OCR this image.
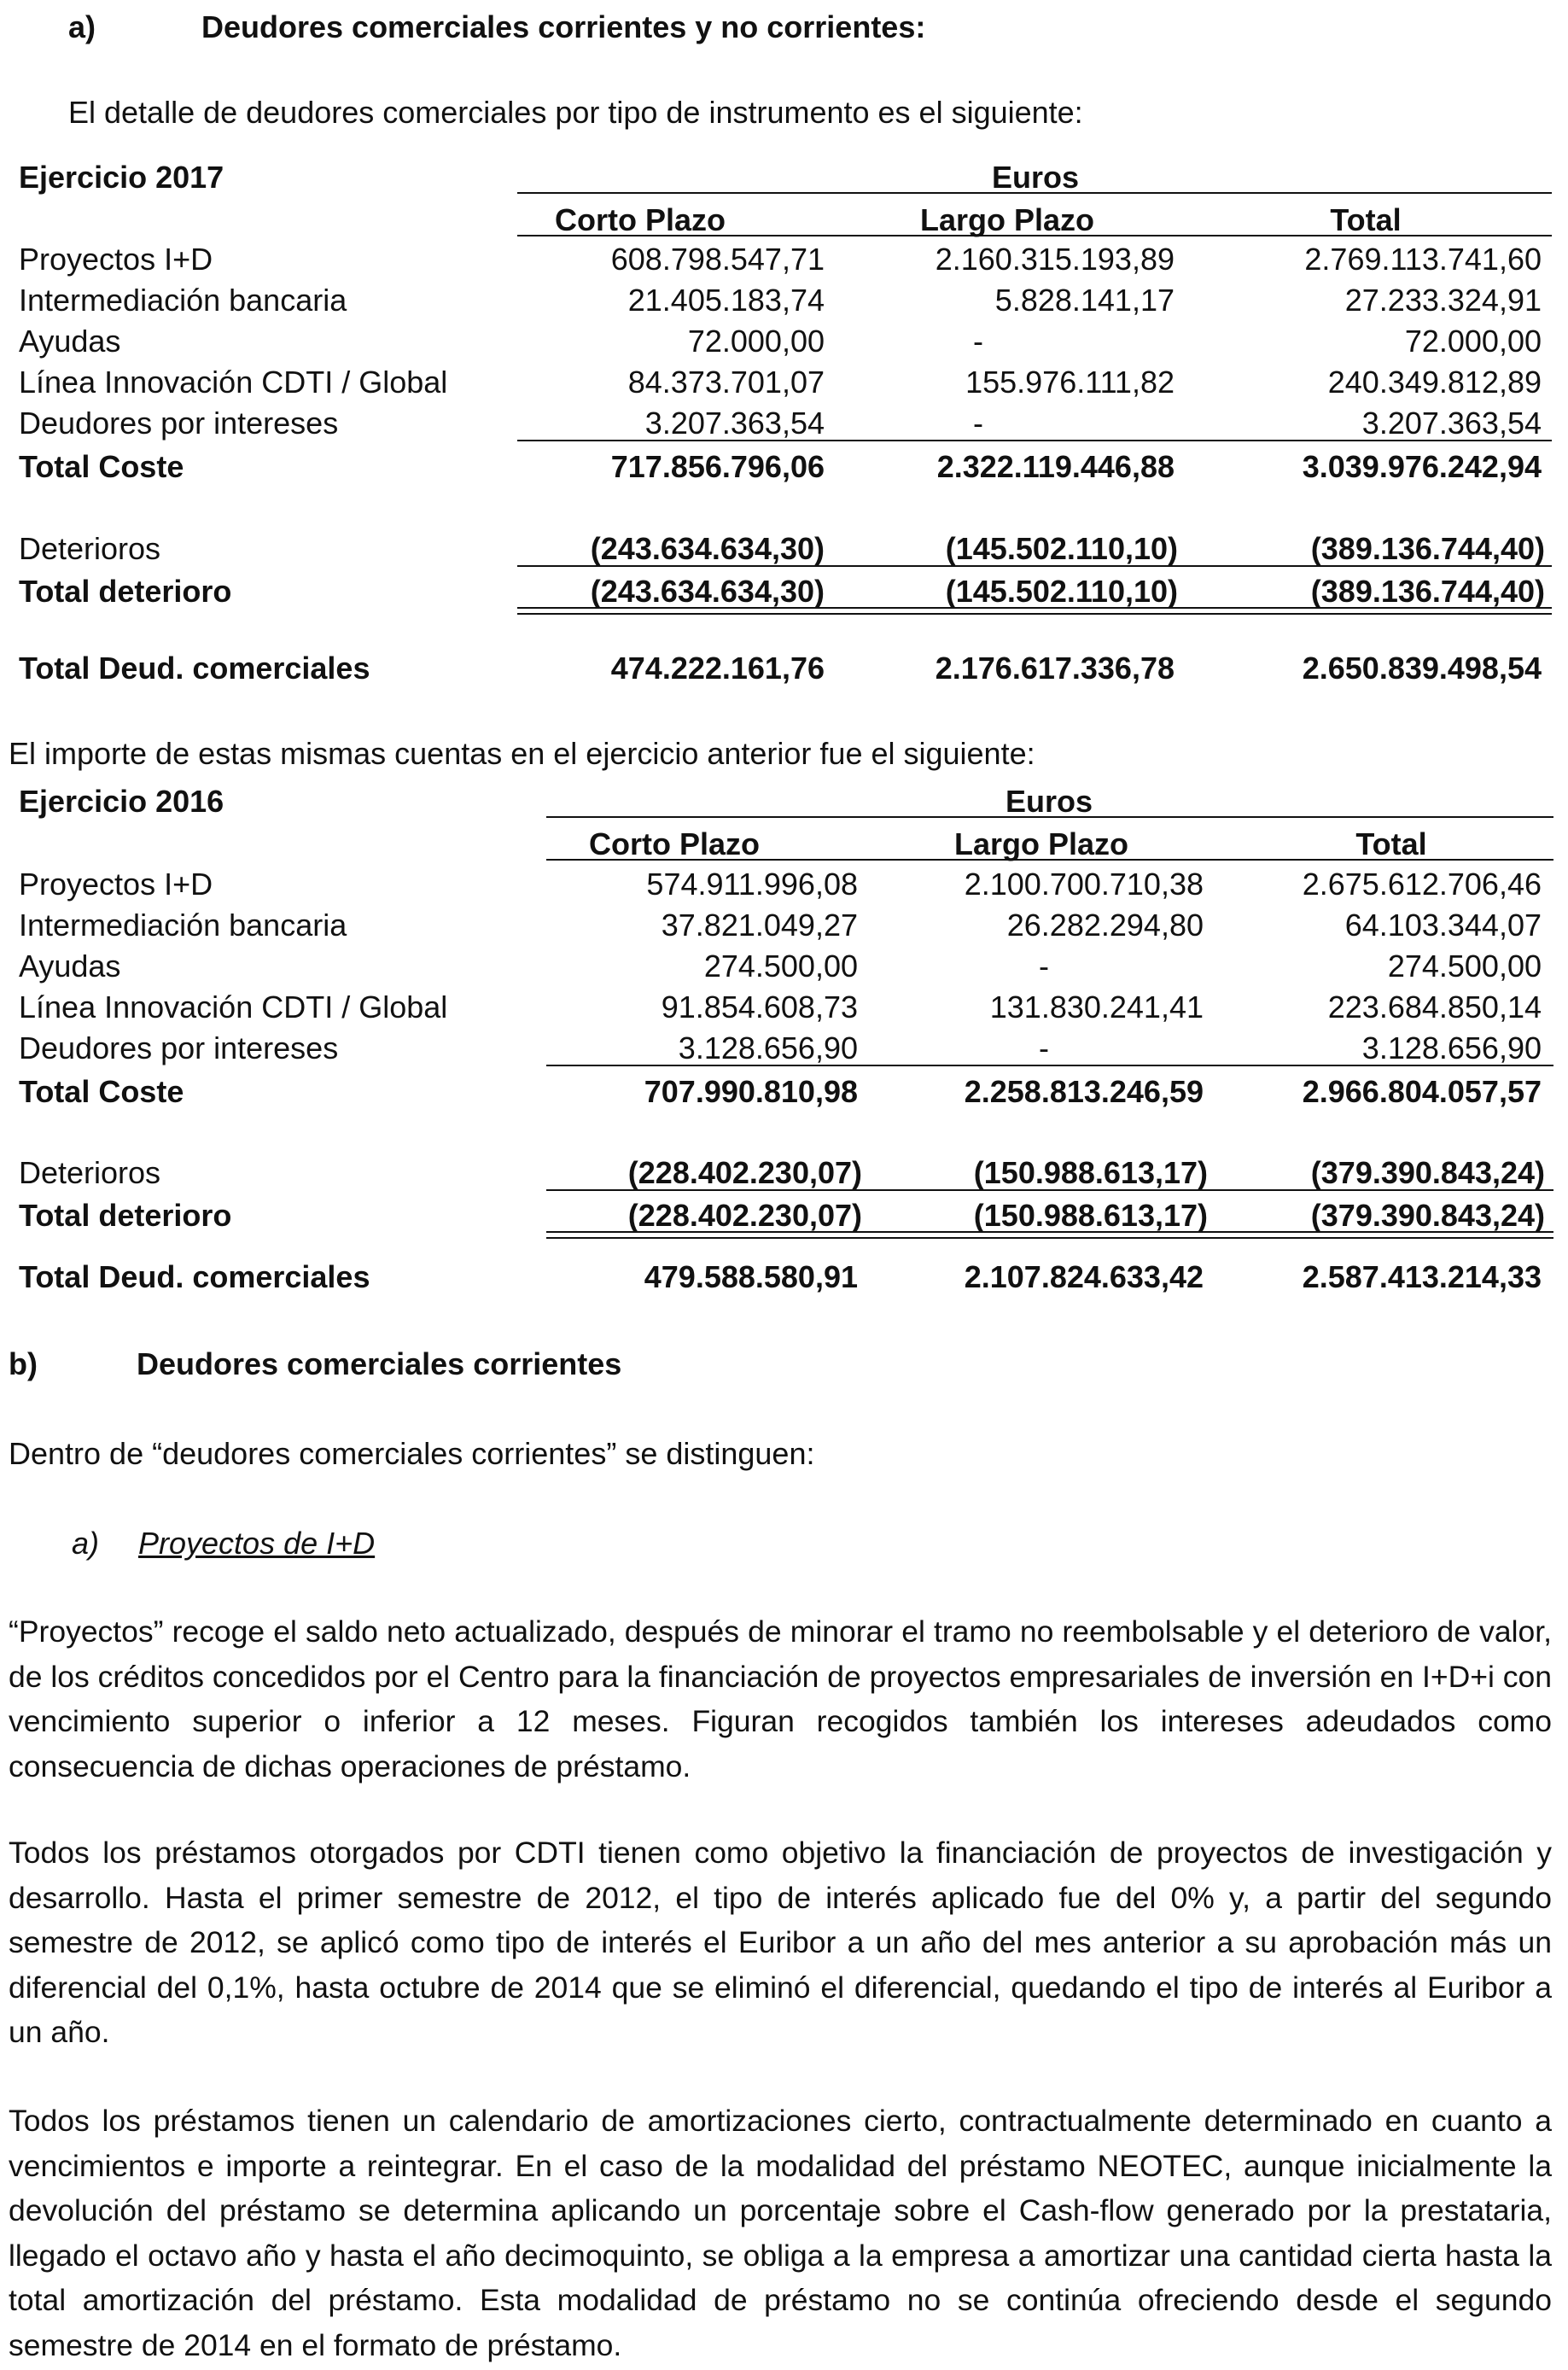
a)	Deudores comerciales corrientes y no corrientes:
El detalle de deudores comerciales por tipo de instrumento es el siguiente:
Ejercicio 2017	Euros
Corto Plazo	Largo Plazo	Total
Proyectos I+D	608.798.547,71	2.160.315.193,89	2.769.113.741,60
Intermediación bancaria	21.405.183,74	5.828.141,17	27.233.324,91
Ayudas	72.000,00	-	72.000,00
Línea Innovación CDTI / Global	84.373.701,07	155.976.111,82	240.349.812,89
Deudores por intereses	3.207.363,54	-	3.207.363,54
Total Coste	717.856.796,06	2.322.119.446,88	3.039.976.242,94
Deterioros	(243.634.634,30)	(145.502.110,10)	(389.136.744,40)
Total deterioro	(243.634.634,30)	(145.502.110,10)	(389.136.744,40)
Total Deud. comerciales	474.222.161,76	2.176.617.336,78	2.650.839.498,54
El importe de estas mismas cuentas en el ejercicio anterior fue el siguiente:
Ejercicio 2016	Euros
Corto Plazo	Largo Plazo	Total
Proyectos I+D	574.911.996,08	2.100.700.710,38	2.675.612.706,46
Intermediación bancaria	37.821.049,27	26.282.294,80	64.103.344,07
Ayudas	274.500,00	-	274.500,00
Línea Innovación CDTI / Global	91.854.608,73	131.830.241,41	223.684.850,14
Deudores por intereses	3.128.656,90	-	3.128.656,90
Total Coste	707.990.810,98	2.258.813.246,59	2.966.804.057,57
Deterioros	(228.402.230,07)	(150.988.613,17)	(379.390.843,24)
Total deterioro	(228.402.230,07)	(150.988.613,17)	(379.390.843,24)
Total Deud. comerciales	479.588.580,91	2.107.824.633,42	2.587.413.214,33
b)	Deudores comerciales corrientes
Dentro de “deudores comerciales corrientes” se distinguen:
a) Proyectos de I+D
“Proyectos” recoge el saldo neto actualizado, después de minorar el tramo no reembolsable y el deterioro de valor, de los créditos concedidos por el Centro para la financiación de proyectos empresariales de inversión en I+D+i con vencimiento superior o inferior a 12 meses. Figuran recogidos también los intereses adeudados como consecuencia de dichas operaciones de préstamo.
Todos los préstamos otorgados por CDTI tienen como objetivo la financiación de proyectos de investigación y desarrollo. Hasta el primer semestre de 2012, el tipo de interés aplicado fue del 0% y, a partir del segundo semestre de 2012, se aplicó como tipo de interés el Euribor a un año del mes anterior a su aprobación más un diferencial del 0,1%, hasta octubre de 2014 que se eliminó el diferencial, quedando el tipo de interés al Euribor a un año.
Todos los préstamos tienen un calendario de amortizaciones cierto, contractualmente determinado en cuanto a vencimientos e importe a reintegrar. En el caso de la modalidad del préstamo NEOTEC, aunque inicialmente la devolución del préstamo se determina aplicando un porcentaje sobre el Cash-flow generado por la prestataria, llegado el octavo año y hasta el año decimoquinto, se obliga a la empresa a amortizar una cantidad cierta hasta la total amortización del préstamo. Esta modalidad de préstamo no se continúa ofreciendo desde el segundo semestre de 2014 en el formato de préstamo.
